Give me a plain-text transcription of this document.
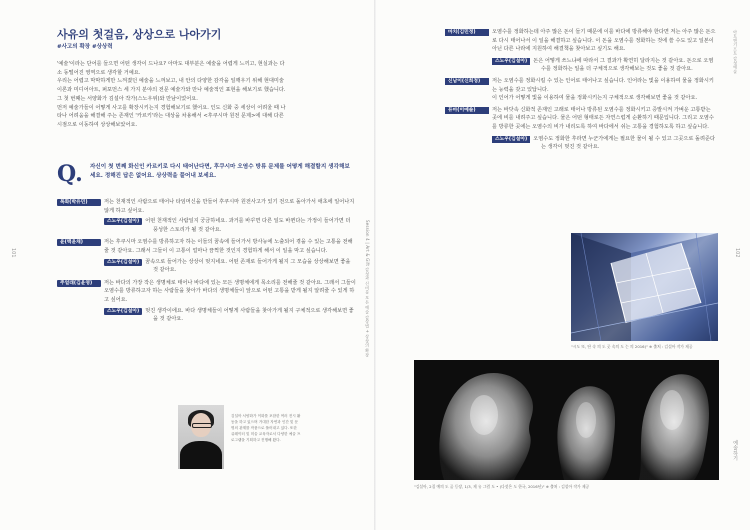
101	Session 4 | Art & Gift 감성과 신비를 모든 예술 감상법 + 상상의 확장
사유의 첫걸음, 상상으로 나아가기
#사고의 확장 #상상력

'예술'이라는 단어를 들으면 어떤 생각이 드나요? 아마도 대부분은 예술을 어렵게 느끼고, 현실과는 다

소 동떨어진 영역으로 생각할 거예요.

우리는 어렵고 막막하게만 느껴졌던 예술을 느껴보고, 내 안의 다양한 감각을 일깨우기 위해 현대미술

이론과 미디어아트, 퍼포먼스 세 가지 분야의 전문 예술가와 만나 예술적인 표현을 해보기로 했습니다.

그 첫 번째는 서양화가 김설아 작가(스노우위)와 만남이었어요.

먼저 예술가들이 어떻게 사고를 확장시키는지 경험해보기로 했어요. 인도 신화 중 세상이 어려울 때 나

타나 어려움을 해결해 주는 존재인 '카르키'라는 대상을 차용해서 <후쿠시마 원전 문제>에 대해 다른

시점으로 이동하여 상상해보았어요.

Q. 자신이 첫 번째 화신인 카르키로 다시 태어난다면, 후쿠시마 오염수 방류 문제를 어떻게 해결할지 생각해보세요. 정해진 답은 없어요. 상상력을 풀어내 보세요.
목화(박유민)	저는 천재적인 사람으로 태어나 타임머신을 만들어 후쿠시마 원전사고가 있기 전으로 돌아가서 애초에 일어나지 않게 하고 싶어요.
스노우(김설아) 어떤 천재적인 사람일지 궁금하네요. 과거를 바꾸면 다른 일도 바뀐다는 가정이 들어가면 더 풍성한 스토리가 될 것 같아요.
윤(백윤채)	저는 후쿠시마 오염수를 방류하고자 하는 이들의 꿈속에 들어가서 방사능에 노출되어 겪을 수 있는 고통을 전해줄 것 같아요. 그래서 그들이 이 고통이 얼마나 끔찍한 것인지 경험하게 해서 이 일을 막고 싶습니다.
스노우(김설아) 꿈속으로 들어가는 상상이 멋지네요. 어떤 존재로 들어가게 될지 그 모습을 상상해보면 좋을 것 같아요.
주얼래(김윤영) 저는 바다의 가장 작은 생명체로 태어나 바다에 있는 모든 생명체에게 목소리를 전해줄 것 같아요. 그래서 그들이 오염수를 방류하고자 하는 사람들을 찾아가 바다의 생명체들이 앞으로 어떤 고통을 받게 될지 알려줄 수 있게 하고 싶어요.
스노우(김설아) 멋진 생각이에요. 바다 생명체들이 어떻게 사람들을 찾아가게 될지 구체적으로 생각해보면 좋을 것 같아요.
김설아 서양화가 이화를 포함한 여러 전시 활동을 하고 있으며 거대한 자연과 인간 및 문명의 관계를 작품으로 풀어내고 있다. 또한 큐레이터 및 미술 교육자로서 다양한 예술 프로그램을 기획하고 진행해 왔다.
아트앤기프트 감성예술
102
예술하기
마치(김민정)	오염수를 정화하는데 아주 많은 돈이 들기 때문에 이를 바다에 방류해야 한다면 저는 아주 많은 돈으로 다시 태어나서 이 일을 해결하고 싶습니다. 이 돈을 오염수를 정화하는 것에 쓸 수도 있고 일본이 아닌 다른 나라에 지원하여 해결책을 찾아보고 싶기도 해요.
스노우(김설아) 돈은 어떻게 쓰느냐에 따라서 그 결과가 확연히 달라지는 것 같아요. 돈으로 오염수를 정화하는 일을 더 구체적으로 생각해보는 것도 좋을 것 같아요.
신남이(신희정) 저는 오염수를 정화시킬 수 있는 인어로 태어나고 싶습니다. 인어라는 빛을 이용하여 물을 정화시키는 능력을 갖고 있답니다.
이 인어가 어떻게 빛을 이용하여 물을 정화시키는지 구체적으로 생각해보면 좋을 것 같아요.
듀마(이예솔)	저는 바닷속 신화적 존재인 고래로 태어나 방류된 오염수를 정화시키고 증발시켜 가벼운 고통받는 곳에 비를 내려주고 싶습니다. 물은 어떤 형태로든 자연스럽게 순환하기 때문입니다. 그리고 오염수를 방류한 곳에는 오염수의 비가 내리도록 하여 바다에서 쉬는 고통을 경험하도록 하고 싶습니다.
스노우(김설아) 오염수도 정화한 후라면 누군가에게는 필요한 물이 될 수 있고 그곳으로 돌려준다는 생각이 멋진 것 같아요.
"시도 또, 단 속 의 도 곳 속의 도 는 의 2016)" ※ 출처 : 김설아 작가 제공
"김설아, 2집 예의 도 골 등장, 1/3, 제 유 그럼 도 • (다섯은 도 한국, 2016년)" ※ 출처 : 김설아 작가 제공
